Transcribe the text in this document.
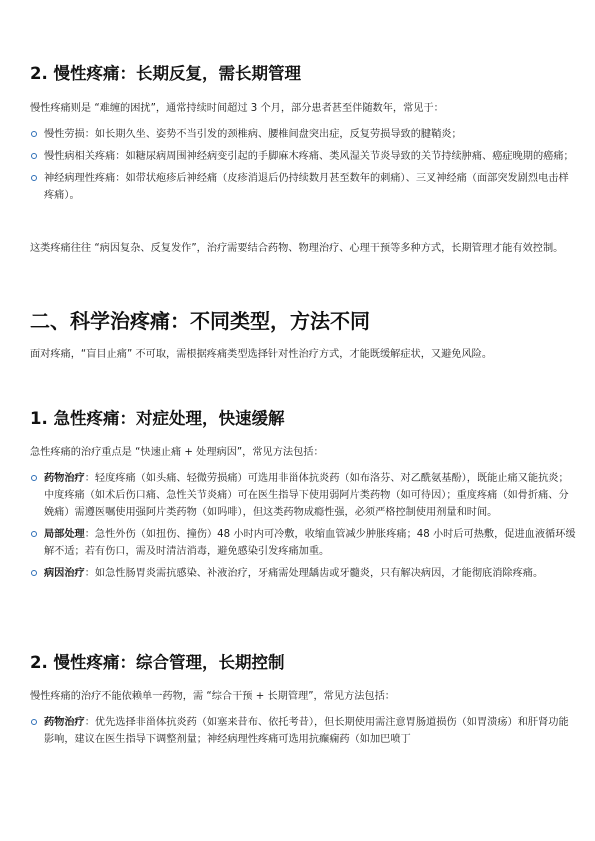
2. 慢性疼痛：长期反复，需长期管理

慢性疼痛则是 “难缠的困扰”，通常持续时间超过 3 个月，部分患者甚至伴随数年，常见于：

慢性劳损：如长期久坐、姿势不当引发的颈椎病、腰椎间盘突出症，反复劳损导致的腱鞘炎；
慢性病相关疼痛：如糖尿病周围神经病变引起的手脚麻木疼痛、类风湿关节炎导致的关节持续肿痛、癌症晚期的癌痛；
神经病理性疼痛：如带状疱疹后神经痛（皮疹消退后仍持续数月甚至数年的刺痛）、三叉神经痛（面部突发剧烈电击样疼痛）。

这类疼痛往往 “病因复杂、反复发作”，治疗需要结合药物、物理治疗、心理干预等多种方式，长期管理才能有效控制。

二、科学治疼痛：不同类型，方法不同

面对疼痛，“盲目止痛” 不可取，需根据疼痛类型选择针对性治疗方式，才能既缓解症状，又避免风险。

1. 急性疼痛：对症处理，快速缓解

急性疼痛的治疗重点是 “快速止痛 + 处理病因”，常见方法包括：

药物治疗：轻度疼痛（如头痛、轻微劳损痛）可选用非甾体抗炎药（如布洛芬、对乙酰氨基酚），既能止痛又能抗炎；中度疼痛（如术后伤口痛、急性关节炎痛）可在医生指导下使用弱阿片类药物（如可待因）；重度疼痛（如骨折痛、分娩痛）需遵医嘱使用强阿片类药物（如吗啡），但这类药物成瘾性强，必须严格控制使用剂量和时间。
局部处理：急性外伤（如扭伤、撞伤）48 小时内可冷敷，收缩血管减少肿胀疼痛；48 小时后可热敷，促进血液循环缓解不适；若有伤口，需及时清洁消毒，避免感染引发疼痛加重。
病因治疗：如急性肠胃炎需抗感染、补液治疗，牙痛需处理龋齿或牙髓炎，只有解决病因，才能彻底消除疼痛。
2. 慢性疼痛：综合管理，长期控制

慢性疼痛的治疗不能依赖单一药物，需 “综合干预 + 长期管理”，常见方法包括：

药物治疗：优先选择非甾体抗炎药（如塞来昔布、依托考昔），但长期使用需注意胃肠道损伤（如胃溃疡）和肝肾功能影响，建议在医生指导下调整剂量；神经病理性疼痛可选用抗癫痫药（如加巴喷丁
